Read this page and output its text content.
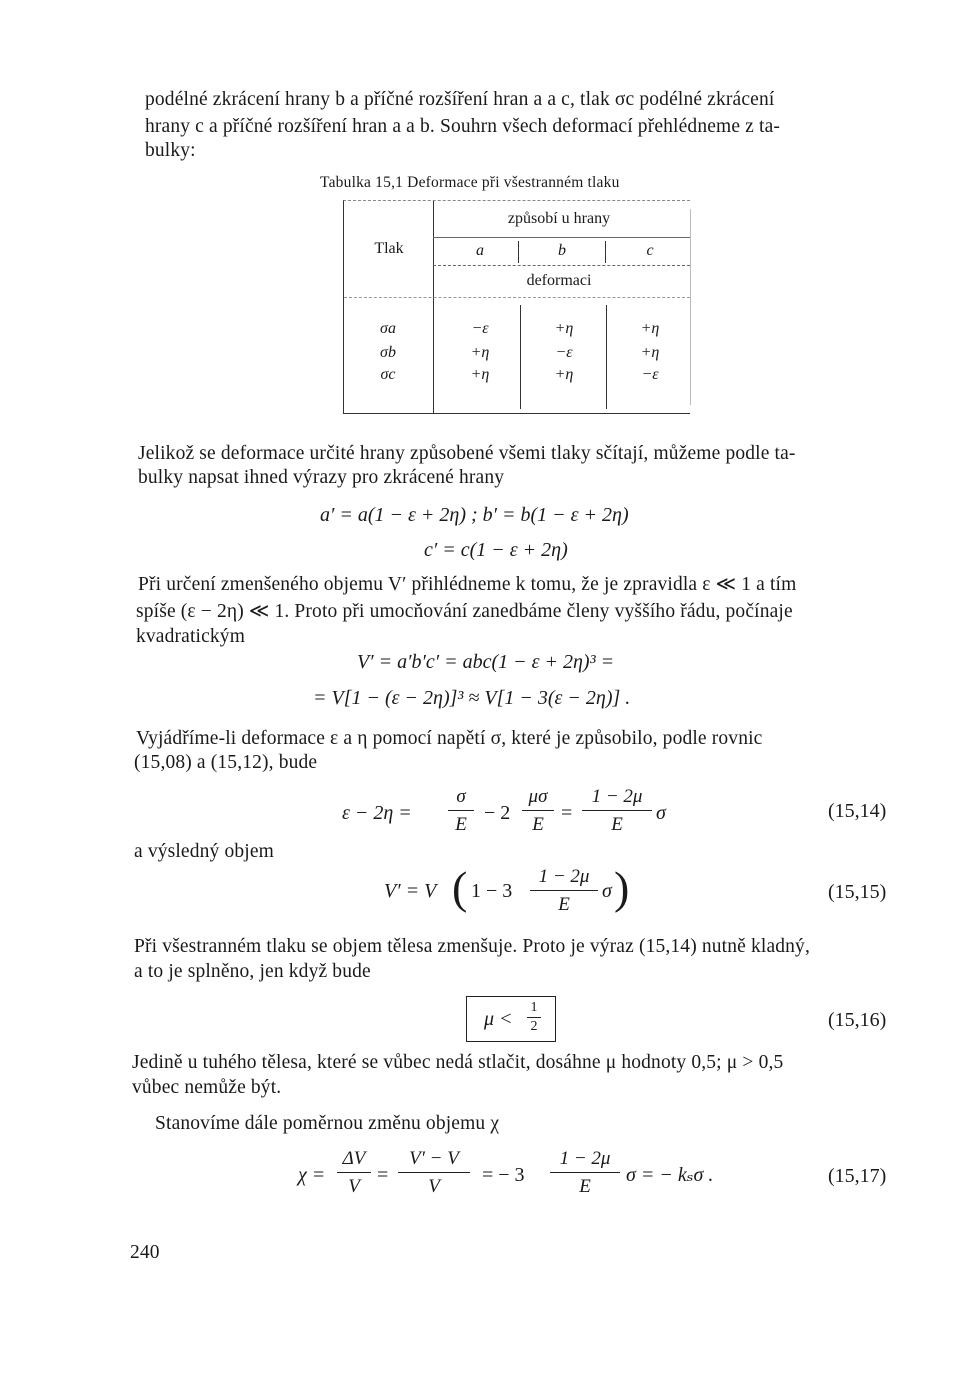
podélné zkrácení hrany b a příčné rozšíření hran a a c, tlak σc podélné zkrácení
hrany c a příčné rozšíření hran a a b. Souhrn všech deformací přehlédneme z ta-
bulky:
Tabulka 15,1 Deformace při všestranném tlaku
Tlak
způsobí u hrany
a	b	c
deformaci
σa	−ε	+η	+η
σb	+η	−ε	+η
σc	+η	+η	−ε
Jelikož se deformace určité hrany způsobené všemi tlaky sčítají, můžeme podle ta-
bulky napsat ihned výrazy pro zkrácené hrany
a′ = a(1 − ε + 2η) ; b′ = b(1 − ε + 2η)
c′ = c(1 − ε + 2η)
Při určení zmenšeného objemu V′ přihlédneme k tomu, že je zpravidla ε ≪ 1 a tím
spíše (ε − 2η) ≪ 1. Proto při umocňování zanedbáme členy vyššího řádu, počínaje
kvadratickým
V′ = a′b′c′ = abc(1 − ε + 2η)³ =
= V[1 − (ε − 2η)]³ ≈ V[1 − 3(ε − 2η)] .
Vyjádříme-li deformace ε a η pomocí napětí σ, které je způsobilo, podle rovnic
(15,08) a (15,12), bude
ε − 2η =
σ
E
− 2
μσ
E
=
1 − 2μ
E
σ	(15,14)
a výsledný objem
V′ = V ( 1 − 3
1 − 2μ
E
σ )	(15,15)
Při všestranném tlaku se objem tělesa zmenšuje. Proto je výraz (15,14) nutně kladný,
a to je splněno, jen když bude
μ <
1
2	(15,16)
Jedině u tuhého tělesa, které se vůbec nedá stlačit, dosáhne μ hodnoty 0,5; μ > 0,5
vůbec nemůže být.
Stanovíme dále poměrnou změnu objemu χ
χ =
ΔV
V
=
V′ − V
V
= − 3
1 − 2μ
E
σ = − kₛσ .	(15,17)
240
